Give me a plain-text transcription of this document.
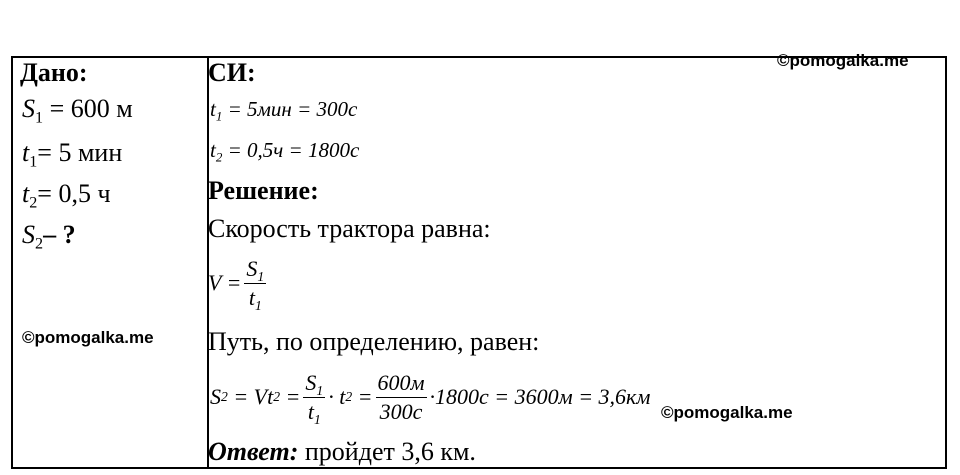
Дано:
$S_1 = 600$ м
$t_1= 5$ мин
$t_2= 0,5$ ч
$S_2-$ ?
СИ:
$t_1 = 5мин = 300с$
$t_2 = 0,5ч = 1800с$
Решение:
Скорость трактора равна:
$V = \frac{S_1}{t_1}$
Путь, по определению, равен:
S 2 = Vt $2 = \frac{S_1}{t_1} \cdot t$ $2 = \frac{600м}{300с} \cdot 1800с = 3600м = 3,6км$
Ответ: пройдет 3,6 км.
©pomogalka.me
©pomogalka.me
©pomogalka.me
